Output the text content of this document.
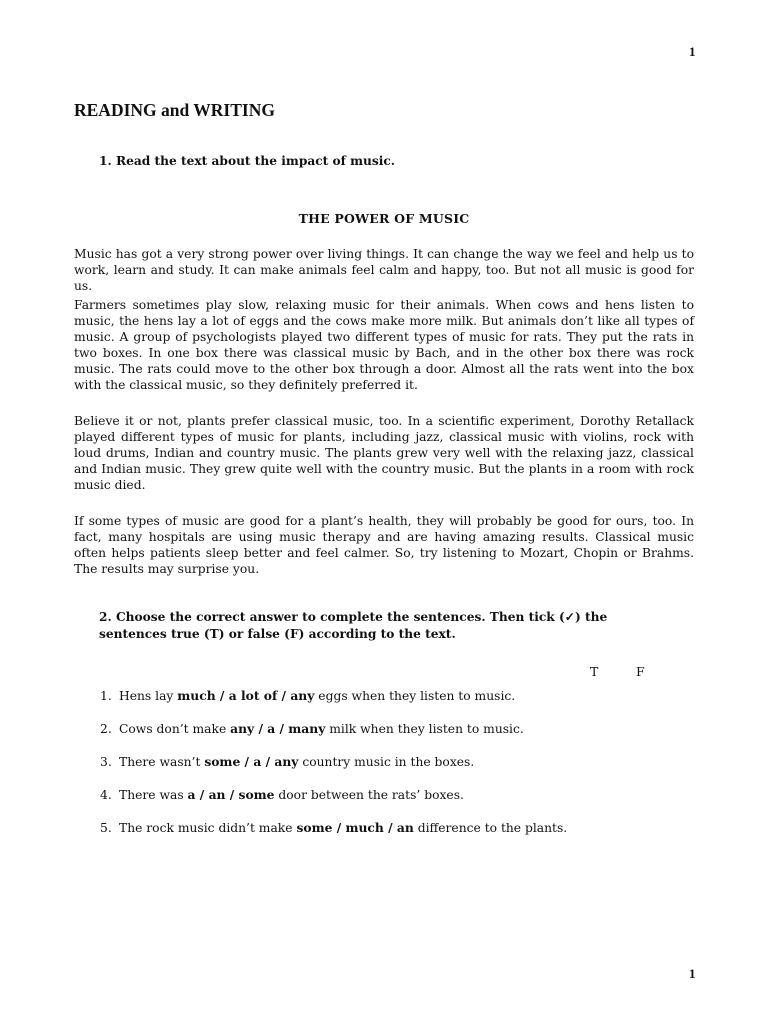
1
READING and WRITING
1. Read the text about the impact of music.
THE POWER OF MUSIC

Music has got a very strong power over living things. It can change the way we feel and help us to work, learn and study. It can make animals feel calm and happy, too. But not all music is good for us.

Farmers sometimes play slow, relaxing music for their animals. When cows and hens listen to music, the hens lay a lot of eggs and the cows make more milk. But animals don’t like all types of music. A group of psychologists played two different types of music for rats. They put the rats in two boxes. In one box there was classical music by Bach, and in the other box there was rock music. The rats could move to the other box through a door. Almost all the rats went into the box with the classical music, so they definitely preferred it.

Believe it or not, plants prefer classical music, too. In a scientific experiment, Dorothy Retallack played different types of music for plants, including jazz, classical music with violins, rock with loud drums, Indian and country music. The plants grew very well with the relaxing jazz, classical and Indian music. They grew quite well with the country music. But the plants in a room with rock music died.

If some types of music are good for a plant’s health, they will probably be good for ours, too. In fact, many hospitals are using music therapy and are having amazing results. Classical music often helps patients sleep better and feel calmer. So, try listening to Mozart, Chopin or Brahms. The results may surprise you.

2. Choose the correct answer to complete the sentences. Then tick (✓) the sentences true (T) or false (F) according to the text.
T	F
1. Hens lay much / a lot of / any eggs when they listen to music.
2. Cows don’t make any / a / many milk when they listen to music.
3. There wasn’t some / a / any country music in the boxes.
4. There was a / an / some door between the rats’ boxes.
5. The rock music didn’t make some / much / an difference to the plants.
1
